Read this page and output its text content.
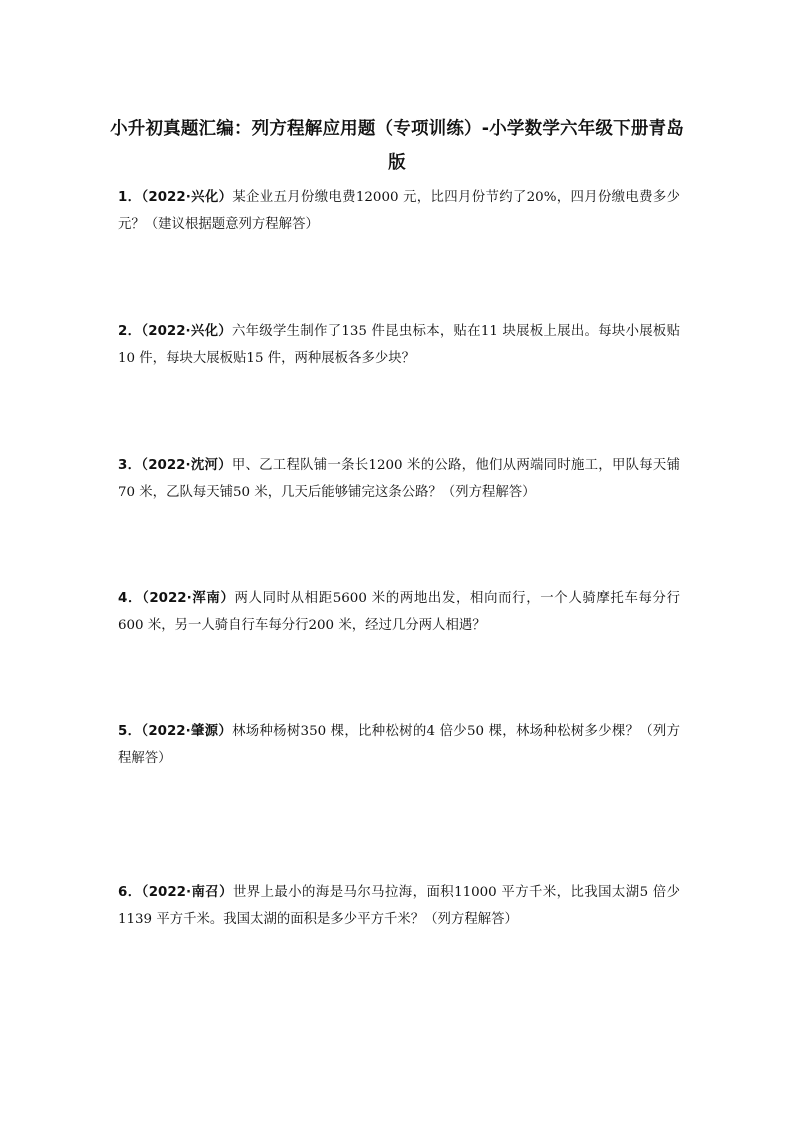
小升初真题汇编：列方程解应用题（专项训练）-小学数学六年级下册青岛版
1．（2022·兴化）某企业五月份缴电费12000 元，比四月份节约了20%，四月份缴电费多少元？（建议根据题意列方程解答）
2．（2022·兴化）六年级学生制作了135 件昆虫标本，贴在11 块展板上展出。每块小展板贴10 件，每块大展板贴15 件，两种展板各多少块？
3．（2022·沈河）甲、乙工程队铺一条长1200 米的公路，他们从两端同时施工，甲队每天铺70 米，乙队每天铺50 米，几天后能够铺完这条公路？（列方程解答）
4．（2022·浑南）两人同时从相距5600 米的两地出发，相向而行，一个人骑摩托车每分行600 米，另一人骑自行车每分行200 米，经过几分两人相遇？
5．（2022·肇源）林场种杨树350 棵，比种松树的4 倍少50 棵，林场种松树多少棵？（列方程解答）
6．（2022·南召）世界上最小的海是马尔马拉海，面积11000 平方千米，比我国太湖5 倍少1139 平方千米。我国太湖的面积是多少平方千米？（列方程解答）
